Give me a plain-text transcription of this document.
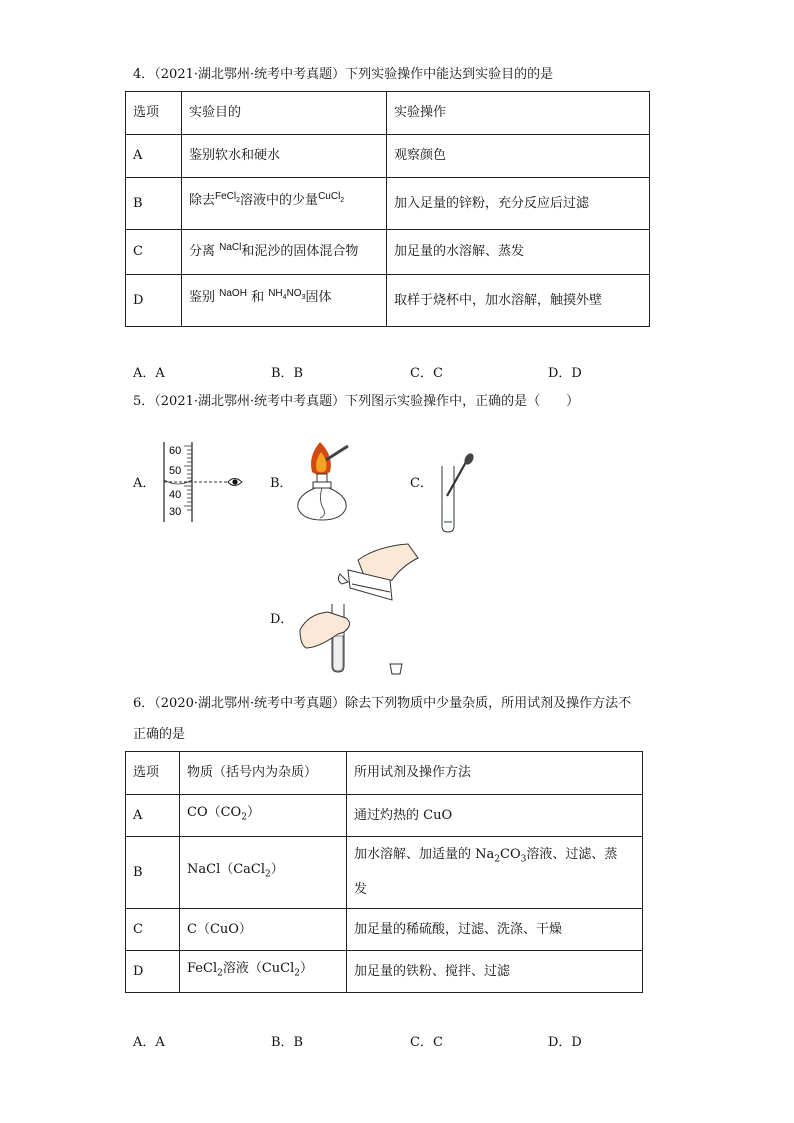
4．（2021·湖北鄂州·统考中考真题）下列实验操作中能达到实验目的的是
选项	实验目的	实验操作
A	鉴别软水和硬水	观察颜色
B	除去$^{FeCl_2}$溶液中的少量$^{CuCl_2}$	加入足量的锌粉，充分反应后过滤
C	分离 $^{NaCl}$和泥沙的固体混合物	加足量的水溶解、蒸发
D	鉴别 $^{NaOH}$ 和 $^{NH_4NO_3}$固体	取样于烧杯中，加水溶解，触摸外壁
A．A	B．B	C．C	D．D
5．（2021·湖北鄂州·统考中考真题）下列图示实验操作中，正确的是（　　）
A．	B．	C．
D．
60
50
40
30
6．（2020·湖北鄂州·统考中考真题）除去下列物质中少量杂质，所用试剂及操作方法不
正确的是
选项	物质（括号内为杂质）	所用试剂及操作方法
A	$CO(CO_2)$	通过灼热的 CuO
B	NaCl（CaCl$_2$）	加水溶解、加适量的 $Na_2CO_3$溶液、过滤、蒸
发
C	C（CuO）	加足量的稀硫酸，过滤、洗涤、干燥
D	FeCl$_2$溶液（CuCl$_2$）	加足量的铁粉、搅拌、过滤
A．A	B．B	C．C	D．D
